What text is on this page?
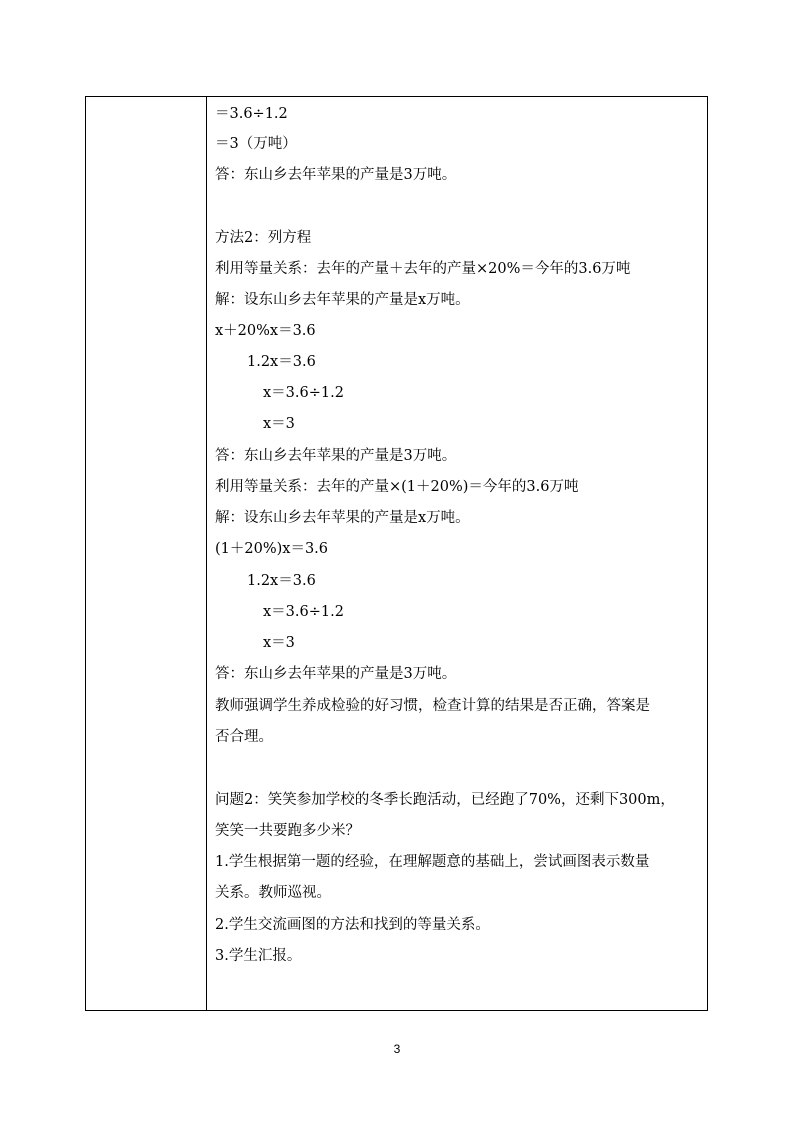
＝3.6÷1.2
＝3（万吨）
答：东山乡去年苹果的产量是3万吨。
方法2：列方程
利用等量关系：去年的产量＋去年的产量×20%＝今年的3.6万吨
解：设东山乡去年苹果的产量是x万吨。
x＋20%x＝3.6
1.2x＝3.6
x＝3.6÷1.2
x＝3
答：东山乡去年苹果的产量是3万吨。
利用等量关系：去年的产量×(1＋20%)＝今年的3.6万吨
解：设东山乡去年苹果的产量是x万吨。
(1＋20%)x＝3.6
1.2x＝3.6
x＝3.6÷1.2
x＝3
答：东山乡去年苹果的产量是3万吨。
教师强调学生养成检验的好习惯，检查计算的结果是否正确，答案是
否合理。
问题2：笑笑参加学校的冬季长跑活动，已经跑了70%，还剩下300m，
笑笑一共要跑多少米？
1.学生根据第一题的经验，在理解题意的基础上，尝试画图表示数量
关系。教师巡视。
2.学生交流画图的方法和找到的等量关系。
3.学生汇报。
3
